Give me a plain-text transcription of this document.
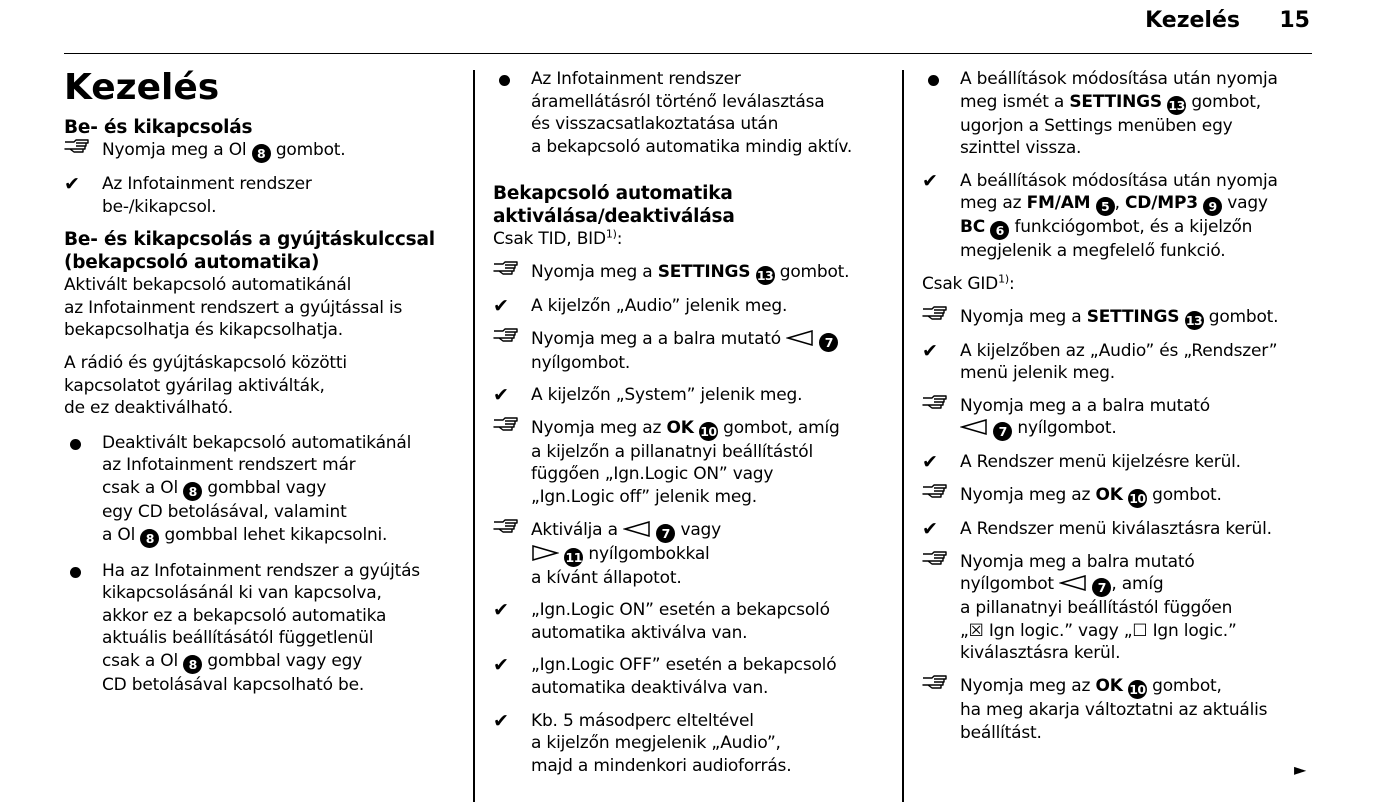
Kezelés 15
Kezelés
Be- és kikapcsolás
Nyomja meg a Ol 8 gombot.
✔	Az Infotainment rendszer
be-/kikapcsol.
Be- és kikapcsolás a gyújtáskulccsal
(bekapcsoló automatika)
Aktivált bekapcsoló automatikánál
az Infotainment rendszert a gyújtással is
bekapcsolhatja és kikapcsolhatja.
A rádió és gyújtáskapcsoló közötti
kapcsolatot gyárilag aktiválták,
de ez deaktiválható.
Deaktivált bekapcsoló automatikánál
az Infotainment rendszert már
csak a Ol 8 gombbal vagy
egy CD betolásával, valamint
a Ol 8 gombbal lehet kikapcsolni.
Ha az Infotainment rendszer a gyújtás
kikapcsolásánál ki van kapcsolva,
akkor ez a bekapcsoló automatika
aktuális beállításától függetlenül
csak a Ol 8 gombbal vagy egy
CD betolásával kapcsolható be.
Az Infotainment rendszer
áramellátásról történő leválasztása
és visszacsatlakoztatása után
a bekapcsoló automatika mindig aktív.
Bekapcsoló automatika
aktiválása/deaktiválása
Csak TID, BID$^{1)}$:
Nyomja meg a SETTINGS 13 gombot.
✔	A kijelzőn „Audio” jelenik meg.
Nyomja meg a a balra mutató	7
nyílgombot.
✔	A kijelzőn „System” jelenik meg.
Nyomja meg az OK 10 gombot, amíg
a kijelzőn a pillanatnyi beállítástól
függően „Ign.Logic ON” vagy
„Ign.Logic off” jelenik meg.
Aktiválja a	7 vagy
11 nyílgombokkal
a kívánt állapotot.
✔	„Ign.Logic ON” esetén a bekapcsoló
automatika aktiválva van.
✔	„Ign.Logic OFF” esetén a bekapcsoló
automatika deaktiválva van.
✔	Kb. 5 másodperc elteltével
a kijelzőn megjelenik „Audio”,
majd a mindenkori audioforrás.
A beállítások módosítása után nyomja
meg ismét a SETTINGS 13 gombot,
ugorjon a Settings menüben egy
szinttel vissza.
✔	A beállítások módosítása után nyomja
meg az FM/AM 5 , CD/MP3 9 vagy
BC 6 funkciógombot, és a kijelzőn
megjelenik a megfelelő funkció.
Csak GID$^{1)}$:
Nyomja meg a SETTINGS 13 gombot.
✔	A kijelzőben az „Audio” és „Rendszer”
menü jelenik meg.
Nyomja meg a a balra mutató
7 nyílgombot.
✔	A Rendszer menü kijelzésre kerül.
Nyomja meg az OK 10 gombot.
✔	A Rendszer menü kiválasztásra kerül.
Nyomja meg a balra mutató
nyílgombot	7 , amíg
a pillanatnyi beállítástól függően
„☒ Ign logic.” vagy „☐ Ign logic.”
kiválasztásra kerül.
Nyomja meg az OK 10 gombot,
ha meg akarja változtatni az aktuális
beállítást.
►
